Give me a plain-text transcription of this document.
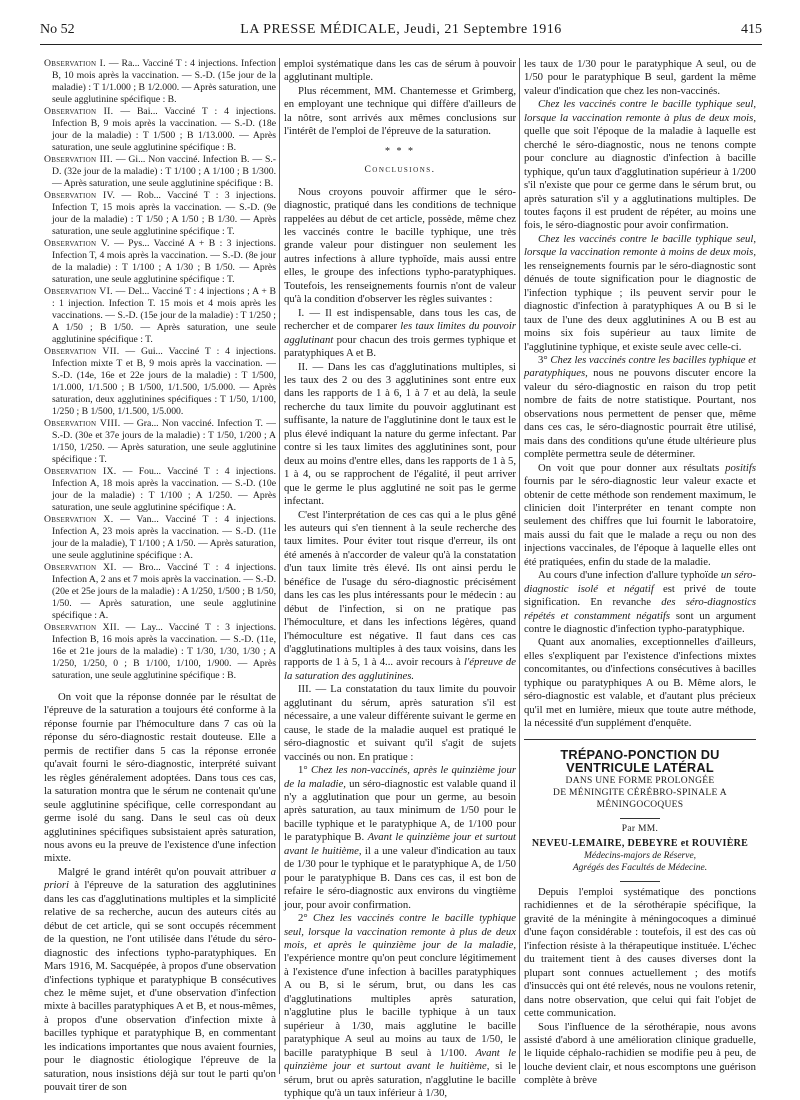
No 52	LA PRESSE MÉDICALE, Jeudi, 21 Septembre 1916	415

Observation I. — Ra... Vacciné T : 4 injections. Infection B, 10 mois après la vaccination. — S.-D. (15e jour de la maladie) : T 1/1.000 ; B 1/2.000. — Après saturation, une seule agglutinine spécifique : B.

Observation II. — Bai... Vacciné T : 4 injections. Infection B, 9 mois après la vaccination. — S.-D. (18e jour de la maladie) : T 1/500 ; B 1/13.000. — Après saturation, une seule agglutinine spécifique : B.

Observation III. — Gi... Non vacciné. Infection B. — S.-D. (32e jour de la maladie) : T 1/100 ; A 1/100 ; B 1/300. — Après saturation, une seule agglutinine spécifique : B.

Observation IV. — Rob... Vacciné T : 3 injections. Infection T, 15 mois après la vaccination. — S.-D. (9e jour de la maladie) : T 1/50 ; A 1/50 ; B 1/30. — Après saturation, une seule agglutinine spécifique : T.

Observation V. — Pys... Vacciné A + B : 3 injections. Infection T, 4 mois après la vaccination. — S.-D. (8e jour de la maladie) : T 1/100 ; A 1/30 ; B 1/50. — Après saturation, une seule agglutinine spécifique : T.

Observation VI. — Del... Vacciné T : 4 injections ; A + B : 1 injection. Infection T. 15 mois et 4 mois après les vaccinations. — S.-D. (15e jour de la maladie) : T 1/250 ; A 1/50 ; B 1/50. — Après saturation, une seule agglutinine spécifique : T.

Observation VII. — Gui... Vacciné T : 4 injections. Infection mixte T et B, 9 mois après la vaccination. — S.-D. (14e, 16e et 22e jours de la maladie) : T 1/500, 1/1.000, 1/1.500 ; B 1/500, 1/1.500, 1/5.000. — Après saturation, deux agglutinines spécifiques : T 1/50, 1/100, 1/250 ; B 1/500, 1/1.500, 1/5.000.

Observation VIII. — Gra... Non vacciné. Infection T. — S.-D. (30e et 37e jours de la maladie) : T 1/50, 1/200 ; A 1/150, 1/250. — Après saturation, une seule agglutinine spécifique : T.

Observation IX. — Fou... Vacciné T : 4 injections. Infection A, 18 mois après la vaccination. — S.-D. (10e jour de la maladie) : T 1/100 ; A 1/250. — Après saturation, une seule agglutinine spécifique : A.

Observation X. — Van... Vacciné T : 4 injections. Infection A, 23 mois après la vaccination. — S.-D. (11e jour de la maladie), T 1/100 ; A 1/50. — Après saturation, une seule agglutinine spécifique : A.

Observation XI. — Bro... Vacciné T : 4 injections. Infection A, 2 ans et 7 mois après la vaccination. — S.-D. (20e et 25e jours de la maladie) : A 1/250, 1/500 ; B 1/50, 1/50. — Après saturation, une seule agglutinine spécifique : A.

Observation XII. — Lay... Vacciné T : 3 injections. Infection B, 16 mois après la vaccination. — S.-D. (11e, 16e et 21e jours de la maladie) : T 1/30, 1/30, 1/30 ; A 1/250, 1/250, 0 ; B 1/100, 1/100, 1/900. — Après saturation, une seule agglutinine spécifique : B.

On voit que la réponse donnée par le résultat de l'épreuve de la saturation a toujours été conforme à la réponse fournie par l'hémoculture dans 7 cas où la réponse du séro-diagnostic restait douteuse. Elle a permis de rectifier dans 5 cas la réponse erronée qu'avait fourni le séro-diagnostic, interprété suivant les règles généralement adoptées. Dans tous ces cas, la saturation montra que le sérum ne contenait qu'une seule agglutinine spécifique, celle correspondant au germe isolé du sang. Dans le seul cas où deux agglutinines spécifiques subsistaient après saturation, nous avons eu la preuve de l'existence d'une infection mixte.

Malgré le grand intérêt qu'on pouvait attribuer a priori à l'épreuve de la saturation des agglutinines dans les cas d'agglutinations multiples et la simplicité relative de sa recherche, aucun des auteurs cités au début de cet article, qui se sont occupés récemment de la question, ne l'ont utilisée dans l'étude du séro-diagnostic des infections typho-paratyphiques. En Mars 1916, M. Sacquépée, à propos d'une observation d'infections typhique et paratyphique B consécutives chez le même sujet, et d'une observation d'infection mixte à bacilles paratyphiques A et B, et nous-mêmes, à propos d'une observation d'infection mixte à bacilles typhique et paratyphique B, en commentant les indications importantes que nous avaient fournies, pour le diagnostic étiologique l'épreuve de la saturation, nous insistions déjà sur tout le parti qu'on pouvait tirer de son

emploi systématique dans les cas de sérum à pouvoir agglutinant multiple.

Plus récemment, MM. Chantemesse et Grimberg, en employant une technique qui diffère d'ailleurs de la nôtre, sont arrivés aux mêmes conclusions sur l'intérêt de l'emploi de l'épreuve de la saturation.

* * *
Conclusions.

Nous croyons pouvoir affirmer que le séro-diagnostic, pratiqué dans les conditions de technique rappelées au début de cet article, possède, même chez les vaccinés contre le bacille typhique, une très grande valeur pour distinguer non seulement les autres infections à allure typhoïde, mais aussi entre elles, le groupe des infections typho-paratyphiques. Toutefois, les renseignements fournis n'ont de valeur qu'à la condition d'observer les règles suivantes :

I. — Il est indispensable, dans tous les cas, de rechercher et de comparer les taux limites du pouvoir agglutinant pour chacun des trois germes typhique et paratyphiques A et B.

II. — Dans les cas d'agglutinations multiples, si les taux des 2 ou des 3 agglutinines sont entre eux dans les rapports de 1 à 6, 1 à 7 et au delà, la seule recherche du taux limite du pouvoir agglutinant est suffisante, la nature de l'agglutinine dont le taux est le plus élevé indiquant la nature du germe infectant. Par contre si les taux limites des agglutinines sont, pour deux au moins d'entre elles, dans les rapports de 1 à 5, 1 à 4, ou se rapprochent de l'égalité, il peut arriver que le germe le plus agglutiné ne soit pas le germe infectant.

C'est l'interprétation de ces cas qui a le plus gêné les auteurs qui s'en tiennent à la seule recherche des taux limites. Pour éviter tout risque d'erreur, ils ont été amenés à n'accorder de valeur qu'à la constatation d'un taux limite très élevé. Ils ont ainsi perdu le bénéfice de l'usage du séro-diagnostic précisément dans les cas les plus intéressants pour le médecin : au début de l'infection, si on ne pratique pas l'hémoculture, et dans les infections légères, quand l'hémoculture est négative. Il faut dans ces cas d'agglutinations multiples à des taux voisins, dans les rapports de 1 à 5, 1 à 4... avoir recours à l'épreuve de la saturation des agglutinines.

III. — La constatation du taux limite du pouvoir agglutinant du sérum, après saturation s'il est nécessaire, a une valeur différente suivant le germe en cause, le stade de la maladie auquel est pratiqué le séro-diagnostic et suivant qu'il s'agit de sujets vaccinés ou non. En pratique :

1° Chez les non-vaccinés, après le quinzième jour de la maladie, un séro-diagnostic est valable quand il n'y a agglutination que pour un germe, au besoin après saturation, au taux minimum de 1/50 pour le bacille typhique et le paratyphique A, de 1/100 pour le paratyphique B. Avant le quinzième jour et surtout avant le huitième, il a une valeur d'indication au taux de 1/30 pour le typhique et le paratyphique A, de 1/50 pour le paratyphique B. Dans ces cas, il est bon de refaire le séro-diagnostic aux environs du vingtième jour, pour avoir confirmation.

2° Chez les vaccinés contre le bacille typhique seul, lorsque la vaccination remonte à plus de deux mois, et après le quinzième jour de la maladie, l'expérience montre qu'on peut conclure légitimement à l'existence d'une infection à bacilles paratyphiques A ou B, si le sérum, brut, ou dans les cas d'agglutinations multiples après saturation, n'agglutine plus le bacille typhique à un taux supérieur à 1/30, mais agglutine le bacille paratyphique A seul au moins au taux de 1/50, le bacille paratyphique B seul à 1/100. Avant le quinzième jour et surtout avant le huitième, si le sérum, brut ou après saturation, n'agglutine le bacille typhique qu'à un taux inférieur à 1/30,

les taux de 1/30 pour le paratyphique A seul, ou de 1/50 pour le paratyphique B seul, gardent la même valeur d'indication que chez les non-vaccinés.

Chez les vaccinés contre le bacille typhique seul, lorsque la vaccination remonte à plus de deux mois, quelle que soit l'époque de la maladie à laquelle est cherché le séro-diagnostic, nous ne tenons compte pour conclure au diagnostic d'infection à bacille typhique, qu'un taux d'agglutination supérieur à 1/200 s'il n'existe que pour ce germe dans le sérum brut, ou après saturation s'il y a agglutinations multiples. De toutes façons il est prudent de répéter, au moins une fois, le séro-diagnostic pour avoir confirmation.

Chez les vaccinés contre le bacille typhique seul, lorsque la vaccination remonte à moins de deux mois, les renseignements fournis par le séro-diagnostic sont dénués de toute signification pour le diagnostic de l'infection typhique ; ils peuvent servir pour le diagnostic d'infection à paratyphiques A ou B si le taux de l'une des deux agglutinines A ou B est au moins six fois supérieur au taux limite de l'agglutinine typhique, et existe seule avec celle-ci.

3° Chez les vaccinés contre les bacilles typhique et paratyphiques, nous ne pouvons discuter encore la valeur du séro-diagnostic en raison du trop petit nombre de faits de notre statistique. Pourtant, nos observations nous permettent de penser que, même dans ces cas, le séro-diagnostic pourrait être utilisé, mais dans des conditions qu'une étude ultérieure plus complète permettra seule de déterminer.

On voit que pour donner aux résultats positifs fournis par le séro-diagnostic leur valeur exacte et obtenir de cette méthode son rendement maximum, le clinicien doit l'interpréter en tenant compte non seulement des chiffres que lui fournit le laboratoire, mais aussi du fait que le malade a reçu ou non des injections vaccinales, de l'époque à laquelle elles ont été pratiquées, enfin du stade de la maladie.

Au cours d'une infection d'allure typhoïde un séro-diagnostic isolé et négatif est privé de toute signification. En revanche des séro-diagnostics répétés et constamment négatifs sont un argument contre le diagnostic d'infection typho-paratyphique.

Quant aux anomalies, exceptionnelles d'ailleurs, elles s'expliquent par l'existence d'infections mixtes concomitantes, ou d'infections consécutives à bacilles typhique ou paratyphiques A ou B. Même alors, le séro-diagnostic est valable, et d'autant plus précieux qu'il met en lumière, mieux que toute autre méthode, la nécessité d'un supplément d'enquête.

TRÉPANO-PONCTION DU VENTRICULE LATÉRAL
DANS UNE FORME PROLONGÉE
DE MÉNINGITE CÉRÉBRO-SPINALE A MÉNINGOCOQUES
Par MM.
NEVEU-LEMAIRE, DEBEYRE et ROUVIÈRE
Médecins-majors de Réserve,
Agrégés des Facultés de Médecine.

Depuis l'emploi systématique des ponctions rachidiennes et de la sérothérapie spécifique, la gravité de la méningite à méningocoques a diminué d'une façon considérable : toutefois, il est des cas où l'infection résiste à la thérapeutique instituée. L'échec du traitement tient à des causes diverses dont la plupart sont connues actuellement ; des motifs d'insuccès qui ont été relevés, nous ne voulons retenir, dans notre observation, que celui qui fait l'objet de cette communication.

Sous l'influence de la sérothérapie, nous avons assisté d'abord à une amélioration clinique graduelle, le liquide céphalo-rachidien se modifie peu à peu, de louche devient clair, et nous escomptons une guérison complète à brève
